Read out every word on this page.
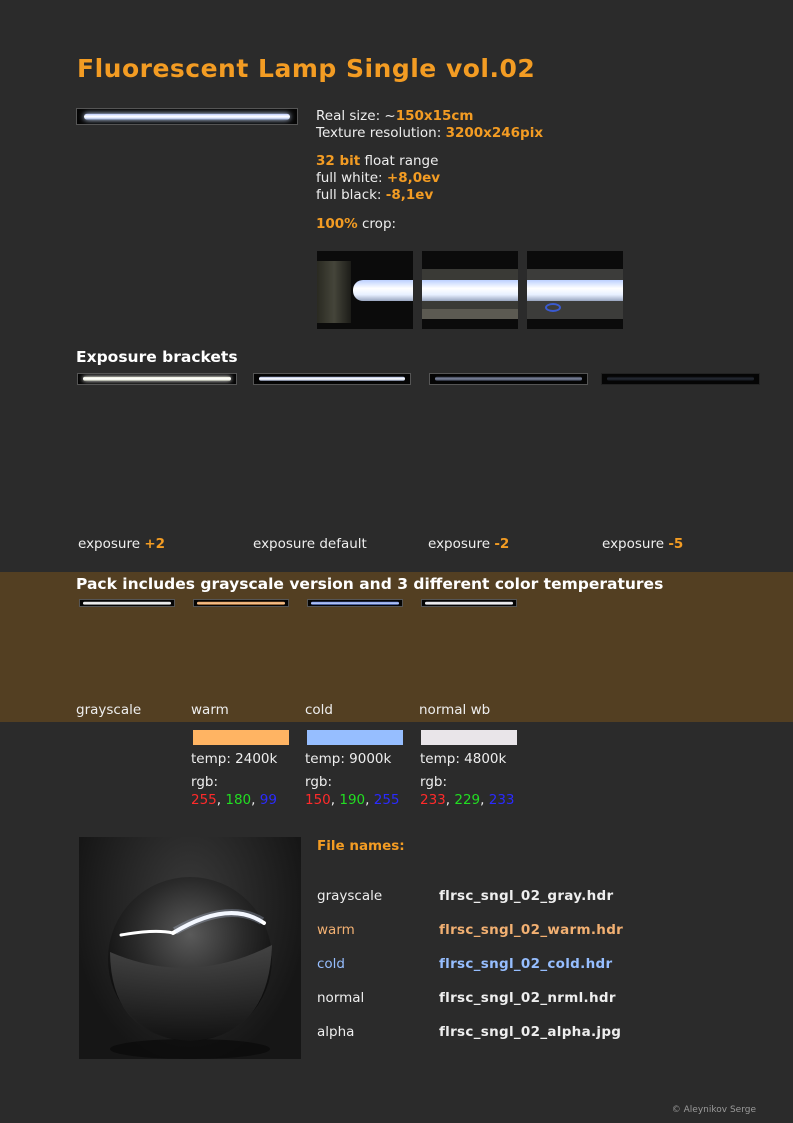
Fluorescent Lamp Single vol.02
Real size: ~150x15cm
Texture resolution: 3200x246pix
32 bit float range
full white: +8,0ev
full black: -8,1ev
100% crop:
Exposure brackets
exposure +2	exposure default	exposure -2	exposure -5
Pack includes grayscale version and 3 different color temperatures
grayscale	warm	cold	normal wb
temp: 2400k temp: 9000k temp: 4800k
rgb:	rgb:	rgb:
255, 180, 99 150, 190, 255 233, 229, 233
File names:
grayscale	flrsc_sngl_02_gray.hdr
warm	flrsc_sngl_02_warm.hdr
cold	flrsc_sngl_02_cold.hdr
normal	flrsc_sngl_02_nrml.hdr
alpha	flrsc_sngl_02_alpha.jpg
© Aleynikov Serge
